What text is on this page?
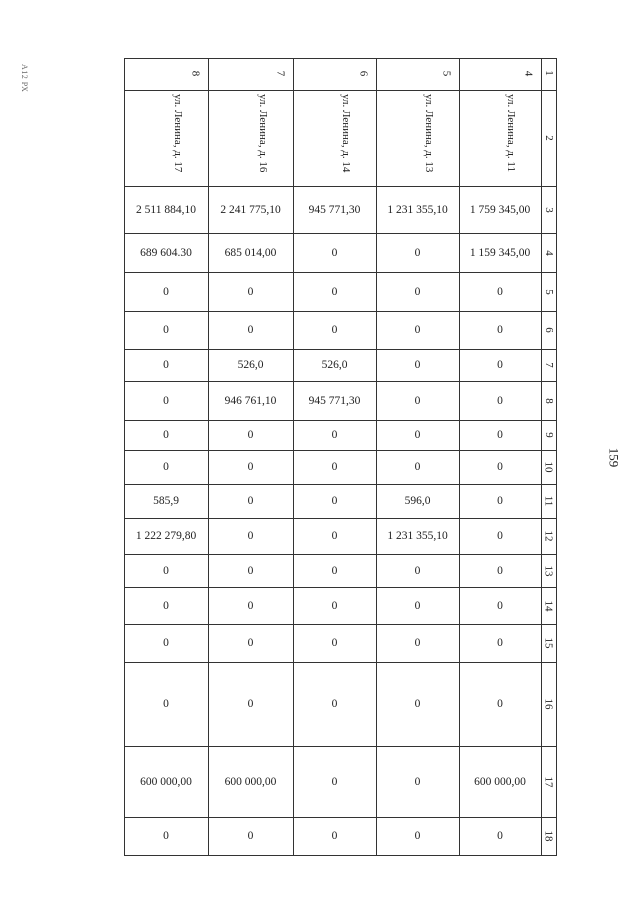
А12 РХ
159
4
ул. Ленина, д. 11
1 759 345,00
1 159 345,00
0
0
0
0
0
0
0
0
0
0
0
0
600 000,00
0
5
ул. Ленина, д. 13
1 231 355,10
0
0
0
0
0
0
0
596,0
1 231 355,10
0
0
0
0
0
0
6
ул. Ленина, д. 14
945 771,30
0
0
0
526,0
945 771,30
0
0
0
0
0
0
0
0
0
0
7
ул. Ленина, д. 16
2 241 775,10
685 014,00
0
0
526,0
946 761,10
0
0
0
0
0
0
0
0
600 000,00
0
8
ул. Ленина, д. 17
2 511 884,10
689 604.30
0
0
0
0
0
0
585,9
1 222 279,80
0
0
0
0
600 000,00
0
1
2
3
4
5
6
7
8
9
10
11
12
13
14
15
16
17
18
